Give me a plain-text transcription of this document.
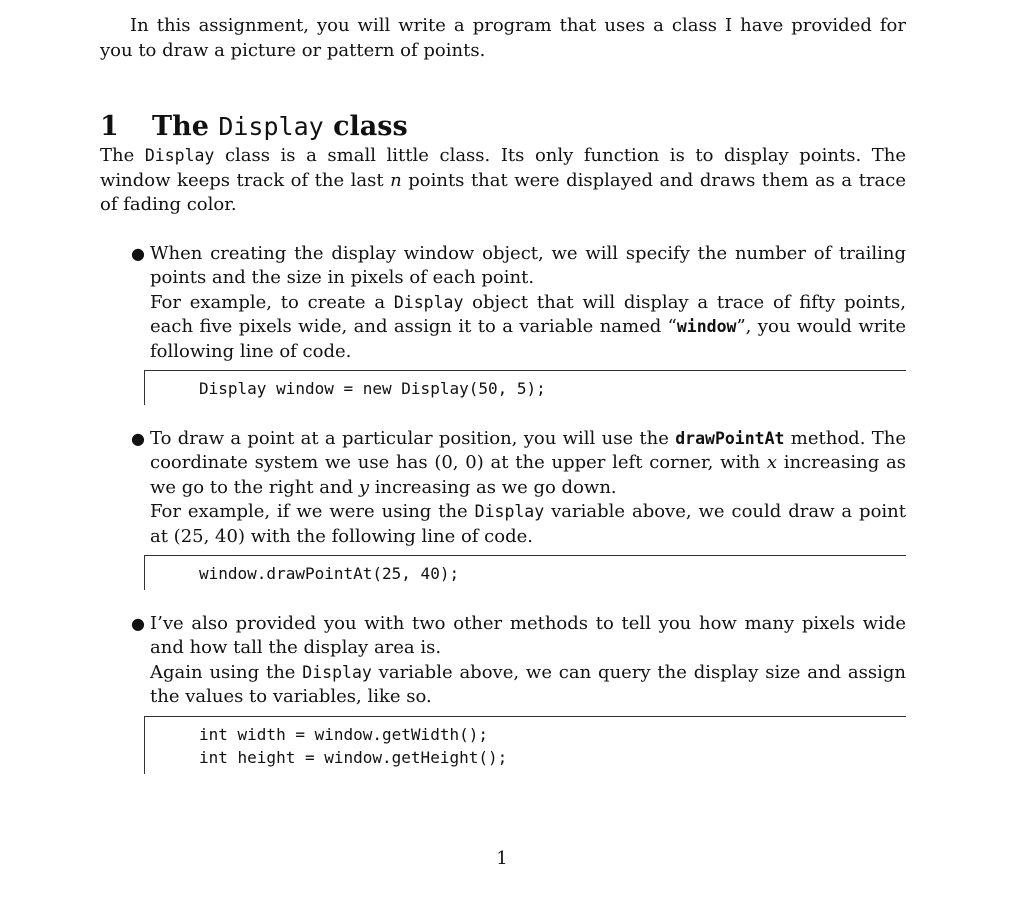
In this assignment, you will write a program that uses a class I have provided for you to draw a picture or pattern of points.

1	The Display class

The Display class is a small little class. Its only function is to display points. The window keeps track of the last n points that were displayed and draws them as a trace of fading color.

● When creating the display window object, we will specify the number of trailing points and the size in pixels of each point.

For example, to create a Display object that will display a trace of fifty points, each five pixels wide, and assign it to a variable named “window”, you would write following line of code.

Display window = new Display(50, 5);
● To draw a point at a particular position, you will use the drawPointAt method. The coordinate system we use has (0, 0) at the upper left corner, with x increasing as we go to the right and y increasing as we go down.

For example, if we were using the Display variable above, we could draw a point at (25, 40) with the following line of code.

window.drawPointAt(25, 40);
● I’ve also provided you with two other methods to tell you how many pixels wide and how tall the display area is.

Again using the Display variable above, we can query the display size and assign the values to variables, like so.

int width = window.getWidth();
int height = window.getHeight();
1
